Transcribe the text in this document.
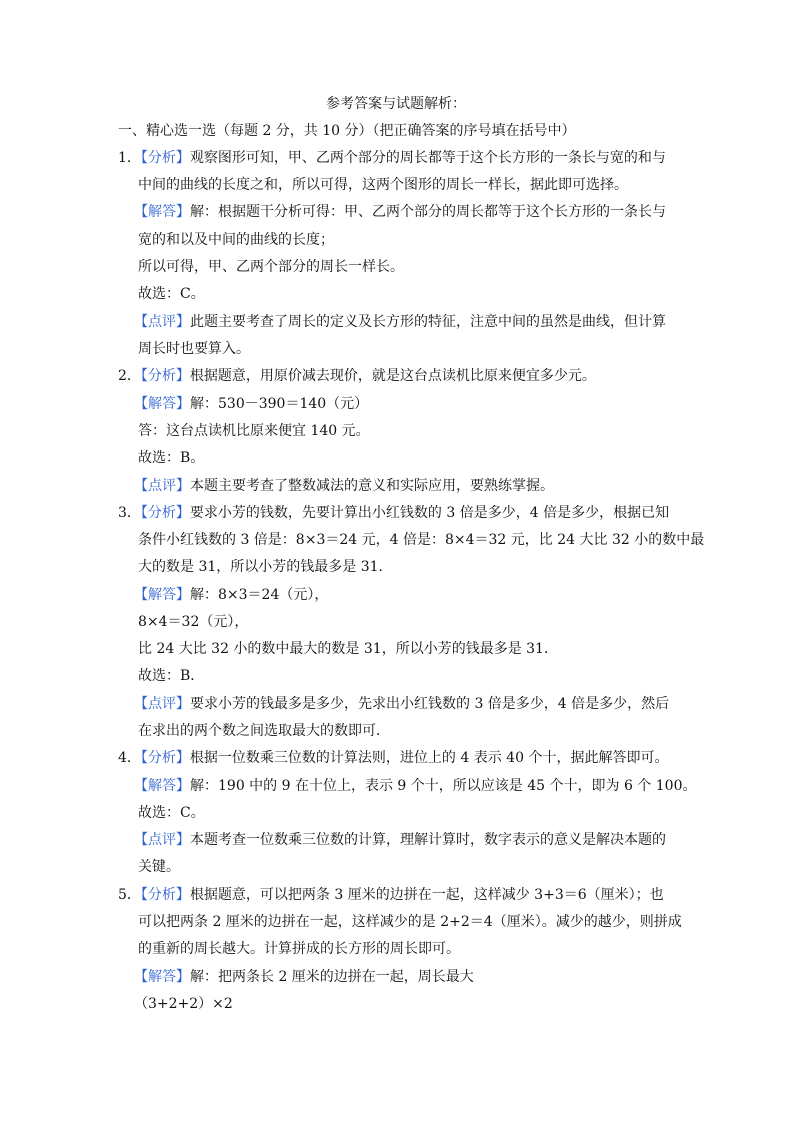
参考答案与试题解析：
一、精心选一选（每题 2 分，共 10 分）（把正确答案的序号填在括号中）
1．【分析】观察图形可知，甲、乙两个部分的周长都等于这个长方形的一条长与宽的和与
中间的曲线的长度之和，所以可得，这两个图形的周长一样长，据此即可选择。
【解答】解：根据题干分析可得：甲、乙两个部分的周长都等于这个长方形的一条长与
宽的和以及中间的曲线的长度；
所以可得，甲、乙两个部分的周长一样长。
故选：C。
【点评】此题主要考查了周长的定义及长方形的特征，注意中间的虽然是曲线，但计算
周长时也要算入。
2．【分析】根据题意，用原价减去现价，就是这台点读机比原来便宜多少元。
【解答】解：530－390＝140（元）
答：这台点读机比原来便宜 140 元。
故选：B。
【点评】本题主要考查了整数减法的意义和实际应用，要熟练掌握。
3．【分析】要求小芳的钱数，先要计算出小红钱数的 3 倍是多少，4 倍是多少，根据已知
条件小红钱数的 3 倍是：8×3＝24 元，4 倍是：8×4＝32 元，比 24 大比 32 小的数中最
大的数是 31，所以小芳的钱最多是 31．
【解答】解：8×3＝24（元），
8×4＝32（元），
比 24 大比 32 小的数中最大的数是 31，所以小芳的钱最多是 31．
故选：B．
【点评】要求小芳的钱最多是多少，先求出小红钱数的 3 倍是多少，4 倍是多少，然后
在求出的两个数之间选取最大的数即可．
4．【分析】根据一位数乘三位数的计算法则，进位上的 4 表示 40 个十，据此解答即可。
【解答】解：190 中的 9 在十位上，表示 9 个十，所以应该是 45 个十，即为 6 个 100。
故选：C。
【点评】本题考查一位数乘三位数的计算，理解计算时，数字表示的意义是解决本题的
关键。
5．【分析】根据题意，可以把两条 3 厘米的边拼在一起，这样减少 3+3＝6（厘米）；也
可以把两条 2 厘米的边拼在一起，这样减少的是 2+2＝4（厘米）。减少的越少，则拼成
的重新的周长越大。计算拼成的长方形的周长即可。
【解答】解：把两条长 2 厘米的边拼在一起，周长最大
（3+2+2）×2
